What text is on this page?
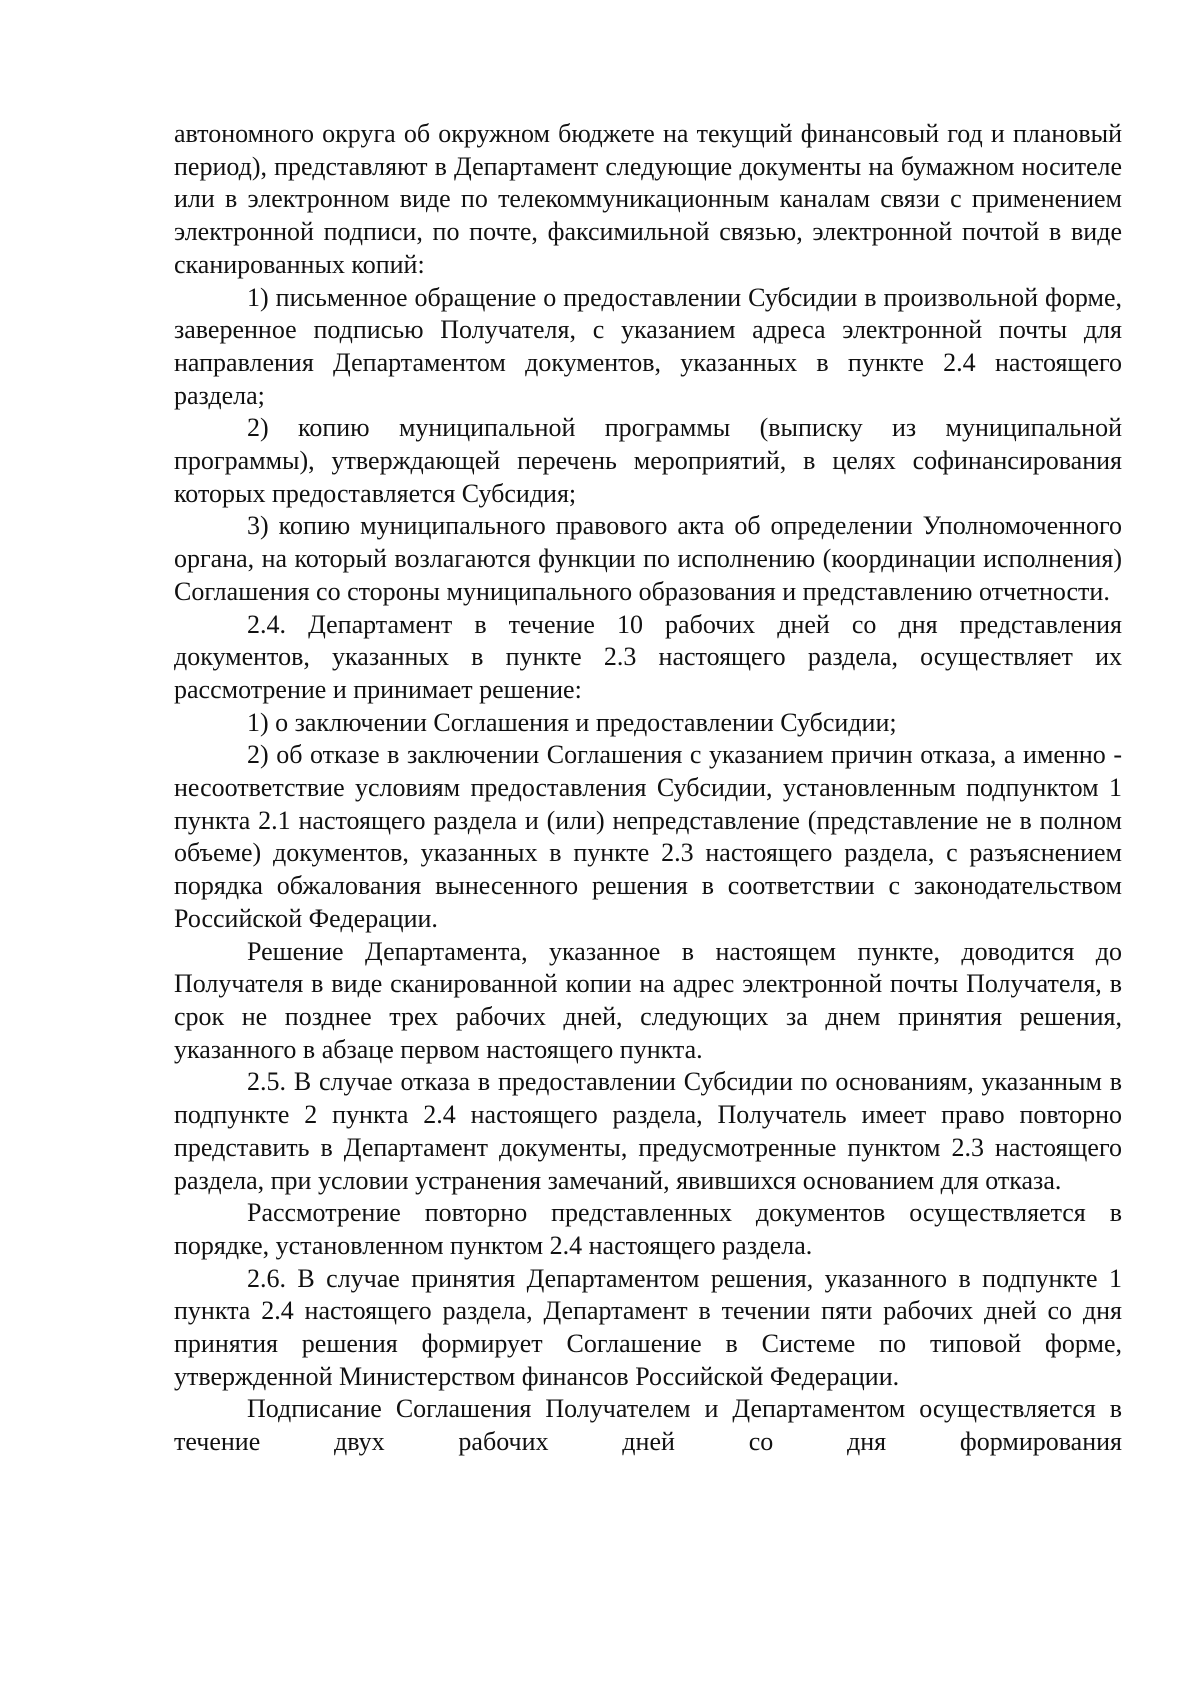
автономного округа об окружном бюджете на текущий финансовый год и плановый период), представляют в Департамент следующие документы на бумажном носителе или в электронном виде по телекоммуникационным каналам связи с применением электронной подписи, по почте, факсимильной связью, электронной почтой в виде сканированных копий:

1) письменное обращение о предоставлении Субсидии в произвольной форме, заверенное подписью Получателя, с указанием адреса электронной почты для направления Департаментом документов, указанных в пункте 2.4 настоящего раздела;

2) копию муниципальной программы (выписку из муниципальной программы), утверждающей перечень мероприятий, в целях софинансирования которых предоставляется Субсидия;

3) копию муниципального правового акта об определении Уполномоченного органа, на который возлагаются функции по исполнению (координации исполнения) Соглашения со стороны муниципального образования и представлению отчетности.

2.4. Департамент в течение 10 рабочих дней со дня представления документов, указанных в пункте 2.3 настоящего раздела, осуществляет их рассмотрение и принимает решение:

1) о заключении Соглашения и предоставлении Субсидии;

2) об отказе в заключении Соглашения с указанием причин отказа, а именно - несоответствие условиям предоставления Субсидии, установленным подпунктом 1 пункта 2.1 настоящего раздела и (или) непредставление (представление не в полном объеме) документов, указанных в пункте 2.3 настоящего раздела, с разъяснением порядка обжалования вынесенного решения в соответствии с законодательством Российской Федерации.

Решение Департамента, указанное в настоящем пункте, доводится до Получателя в виде сканированной копии на адрес электронной почты Получателя, в срок не позднее трех рабочих дней, следующих за днем принятия решения, указанного в абзаце первом настоящего пункта.

2.5. В случае отказа в предоставлении Субсидии по основаниям, указанным в подпункте 2 пункта 2.4 настоящего раздела, Получатель имеет право повторно представить в Департамент документы, предусмотренные пунктом 2.3 настоящего раздела, при условии устранения замечаний, явившихся основанием для отказа.

Рассмотрение повторно представленных документов осуществляется в порядке, установленном пунктом 2.4 настоящего раздела.

2.6. В случае принятия Департаментом решения, указанного в подпункте 1 пункта 2.4 настоящего раздела, Департамент в течении пяти рабочих дней со дня принятия решения формирует Соглашение в Системе по типовой форме, утвержденной Министерством финансов Российской Федерации.

Подписание Соглашения Получателем и Департаментом осуществляется в течение двух рабочих дней со дня формирования
